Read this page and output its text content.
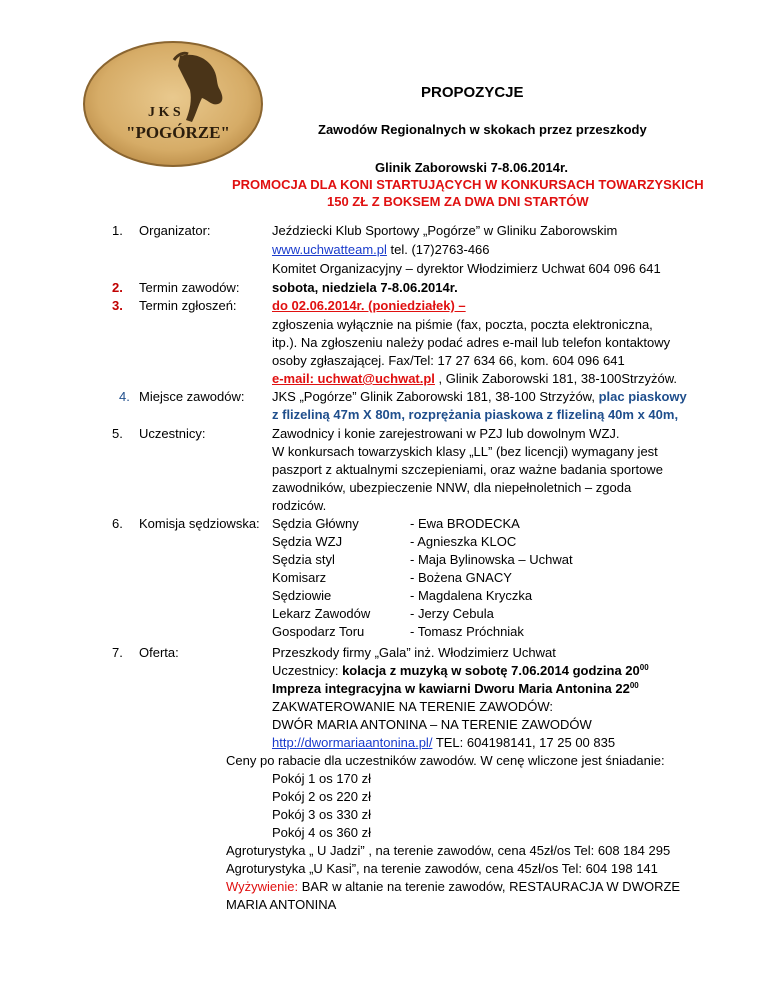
J K S
"POGÓRZE"
PROPOZYCJE
Zawodów Regionalnych w skokach przez przeszkody
Glinik Zaborowski 7-8.06.2014r.
PROMOCJA DLA KONI STARTUJĄCYCH W KONKURSACH TOWARZYSKICH
150 ZŁ Z BOKSEM ZA DWA DNI STARTÓW
1. Organizator:	Jeździecki Klub Sportowy „Pogórze” w Gliniku Zaborowskim
www.uchwatteam.pl tel. (17)2763-466
Komitet Organizacyjny – dyrektor Włodzimierz Uchwat 604 096 641
2. Termin zawodów:	sobota, niedziela 7-8.06.2014r.
3. Termin zgłoszeń:	do 02.06.2014r. (poniedziałek) –
zgłoszenia wyłącznie na piśmie (fax, poczta, poczta elektroniczna,
itp.). Na zgłoszeniu należy podać adres e-mail lub telefon kontaktowy
osoby zgłaszającej. Fax/Tel: 17 27 634 66, kom. 604 096 641
e-mail: uchwat@uchwat.pl , Glinik Zaborowski 181, 38-100Strzyżów.
4. Miejsce zawodów: JKS „Pogórze” Glinik Zaborowski 181, 38-100 Strzyżów, plac piaskowy
z flizeliną 47m X 80m, rozprężania piaskowa z flizeliną 40m x 40m,
5. Uczestnicy:	Zawodnicy i konie zarejestrowani w PZJ lub dowolnym WZJ.
W konkursach towarzyskich klasy „LL” (bez licencji) wymagany jest
paszport z aktualnymi szczepieniami, oraz ważne badania sportowe
zawodników, ubezpieczenie NNW, dla niepełnoletnich – zgoda
rodziców.
6. Komisja sędziowska: Sędzia Główny	- Ewa BRODECKA
Sędzia WZJ	- Agnieszka KLOC
Sędzia styl	- Maja Bylinowska – Uchwat
Komisarz	- Bożena GNACY
Sędziowie	- Magdalena Kryczka
Lekarz Zawodów	- Jerzy Cebula
Gospodarz Toru	- Tomasz Próchniak
7. Oferta:	Przeszkody firmy „Gala” inż. Włodzimierz Uchwat
Uczestnicy: kolacja z muzyką w sobotę 7.06.2014 godzina $20^{00}$
Impreza integracyjna w kawiarni Dworu Maria Antonina $22^{00}$
ZAKWATEROWANIE NA TERENIE ZAWODÓW:
DWÓR MARIA ANTONINA – NA TERENIE ZAWODÓW
http://dwormariaantonina.pl/ TEL: 604198141, 17 25 00 835
Ceny po rabacie dla uczestników zawodów. W cenę wliczone jest śniadanie:
Pokój 1 os 170 zł
Pokój 2 os 220 zł
Pokój 3 os 330 zł
Pokój 4 os 360 zł
Agroturystyka „ U Jadzi” , na terenie zawodów, cena 45zł/os Tel: 608 184 295
Agroturystyka „U Kasi”, na terenie zawodów, cena 45zł/os Tel: 604 198 141
Wyżywienie: BAR w altanie na terenie zawodów, RESTAURACJA W DWORZE
MARIA ANTONINA
